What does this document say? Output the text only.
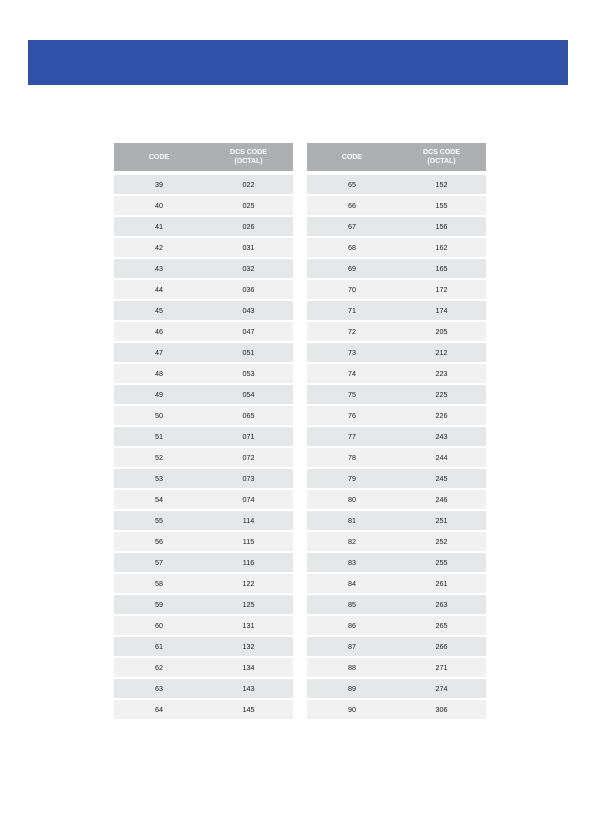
CODE
DCS CODE
(OCTAL)
39	022
40	025
41	026
42	031
43	032
44	036
45	043
46	047
47	051
48	053
49	054
50	065
51	071
52	072
53	073
54	074
55	114
56	115
57	116
58	122
59	125
60	131
61	132
62	134
63	143
64	145
CODE
DCS CODE
(OCTAL)
65	152
66	155
67	156
68	162
69	165
70	172
71	174
72	205
73	212
74	223
75	225
76	226
77	243
78	244
79	245
80	246
81	251
82	252
83	255
84	261
85	263
86	265
87	266
88	271
89	274
90	306
